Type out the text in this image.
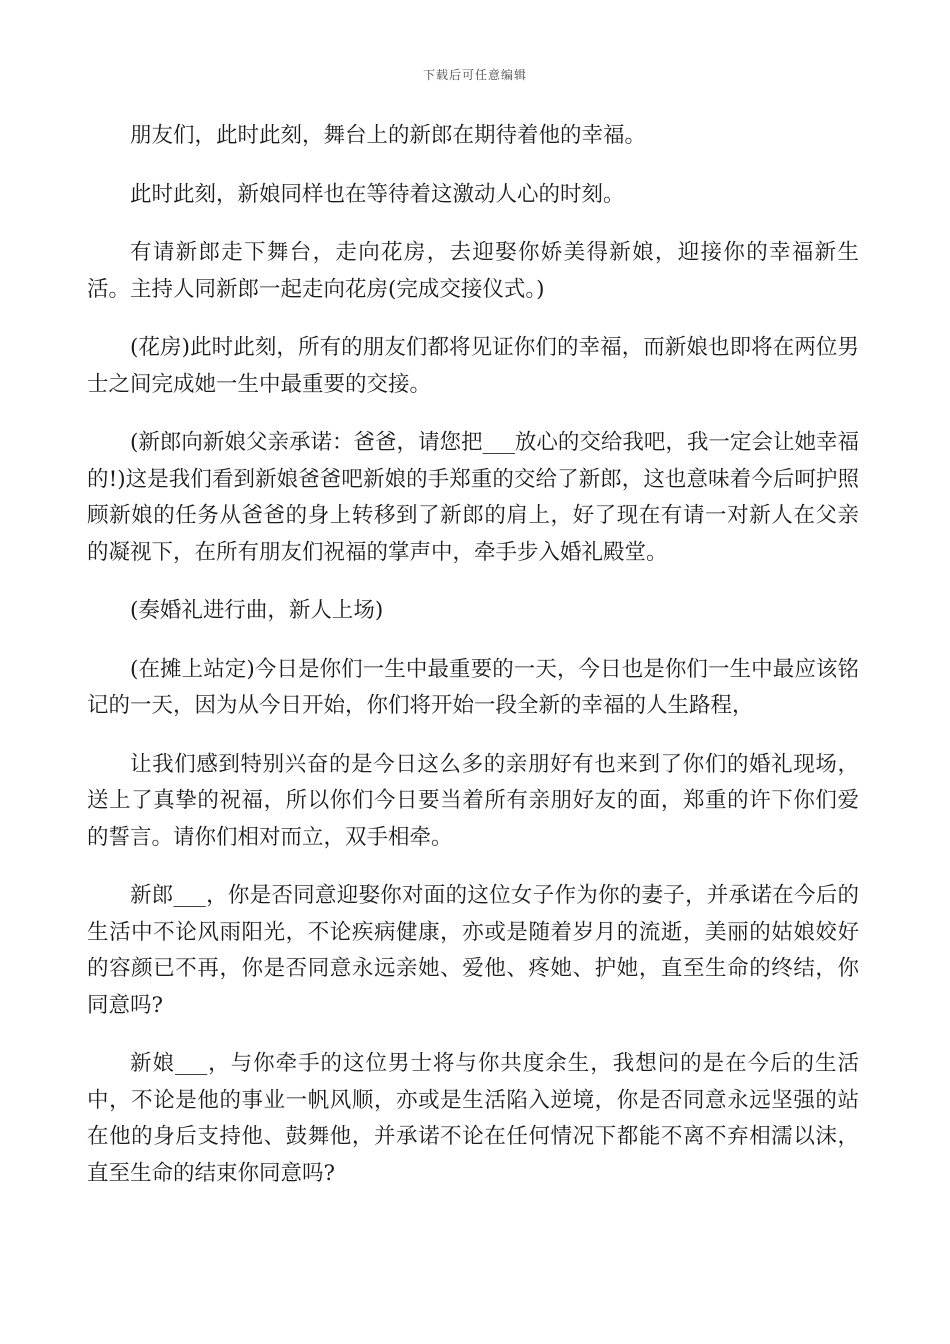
下载后可任意编辑

朋友们，此时此刻，舞台上的新郎在期待着他的幸福。

此时此刻，新娘同样也在等待着这激动人心的时刻。

有请新郎走下舞台，走向花房，去迎娶你娇美得新娘，迎接你的幸福新生活。主持人同新郎一起走向花房(完成交接仪式。)

(花房)此时此刻，所有的朋友们都将见证你们的幸福，而新娘也即将在两位男士之间完成她一生中最重要的交接。

(新郎向新娘父亲承诺：爸爸，请您把___放心的交给我吧，我一定会让她幸福的!)这是我们看到新娘爸爸吧新娘的手郑重的交给了新郎，这也意味着今后呵护照顾新娘的任务从爸爸的身上转移到了新郎的肩上，好了现在有请一对新人在父亲的凝视下，在所有朋友们祝福的掌声中，牵手步入婚礼殿堂。

(奏婚礼进行曲，新人上场)

(在摊上站定)今日是你们一生中最重要的一天，今日也是你们一生中最应该铭记的一天，因为从今日开始，你们将开始一段全新的幸福的人生路程，

让我们感到特别兴奋的是今日这么多的亲朋好有也来到了你们的婚礼现场，送上了真挚的祝福，所以你们今日要当着所有亲朋好友的面，郑重的许下你们爱的誓言。请你们相对而立，双手相牵。

新郎___，你是否同意迎娶你对面的这位女子作为你的妻子，并承诺在今后的生活中不论风雨阳光，不论疾病健康，亦或是随着岁月的流逝，美丽的姑娘姣好的容颜已不再，你是否同意永远亲她、爱他、疼她、护她，直至生命的终结，你同意吗?

新娘___，与你牵手的这位男士将与你共度余生，我想问的是在今后的生活中，不论是他的事业一帆风顺，亦或是生活陷入逆境，你是否同意永远坚强的站在他的身后支持他、鼓舞他，并承诺不论在任何情况下都能不离不弃相濡以沫，直至生命的结束你同意吗?
